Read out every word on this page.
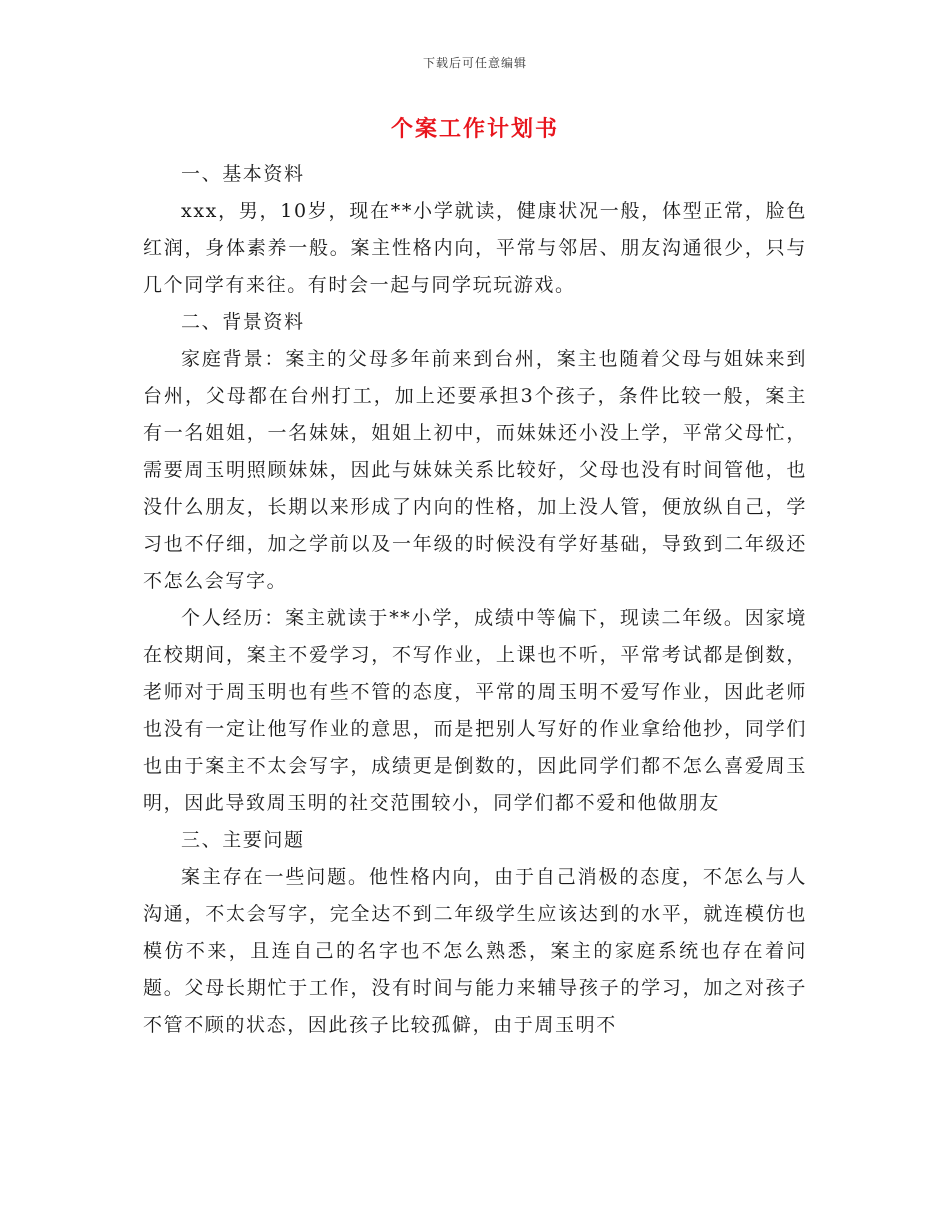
下载后可任意编辑
个案工作计划书

一、基本资料

xxx，男，10岁，现在**小学就读，健康状况一般，体型正常，脸色红润，身体素养一般。案主性格内向，平常与邻居、朋友沟通很少，只与几个同学有来往。有时会一起与同学玩玩游戏。

二、背景资料

家庭背景：案主的父母多年前来到台州，案主也随着父母与姐妹来到台州，父母都在台州打工，加上还要承担3个孩子，条件比较一般，案主有一名姐姐，一名妹妹，姐姐上初中，而妹妹还小没上学，平常父母忙，需要周玉明照顾妹妹，因此与妹妹关系比较好，父母也没有时间管他，也没什么朋友，长期以来形成了内向的性格，加上没人管，便放纵自己，学习也不仔细，加之学前以及一年级的时候没有学好基础，导致到二年级还不怎么会写字。

个人经历：案主就读于**小学，成绩中等偏下，现读二年级。因家境在校期间，案主不爱学习，不写作业，上课也不听，平常考试都是倒数，老师对于周玉明也有些不管的态度，平常的周玉明不爱写作业，因此老师也没有一定让他写作业的意思，而是把别人写好的作业拿给他抄，同学们也由于案主不太会写字，成绩更是倒数的，因此同学们都不怎么喜爱周玉明，因此导致周玉明的社交范围较小，同学们都不爱和他做朋友

三、主要问题

案主存在一些问题。他性格内向，由于自己消极的态度，不怎么与人沟通，不太会写字，完全达不到二年级学生应该达到的水平，就连模仿也模仿不来，且连自己的名字也不怎么熟悉，案主的家庭系统也存在着问题。父母长期忙于工作，没有时间与能力来辅导孩子的学习，加之对孩子不管不顾的状态，因此孩子比较孤僻，由于周玉明不
